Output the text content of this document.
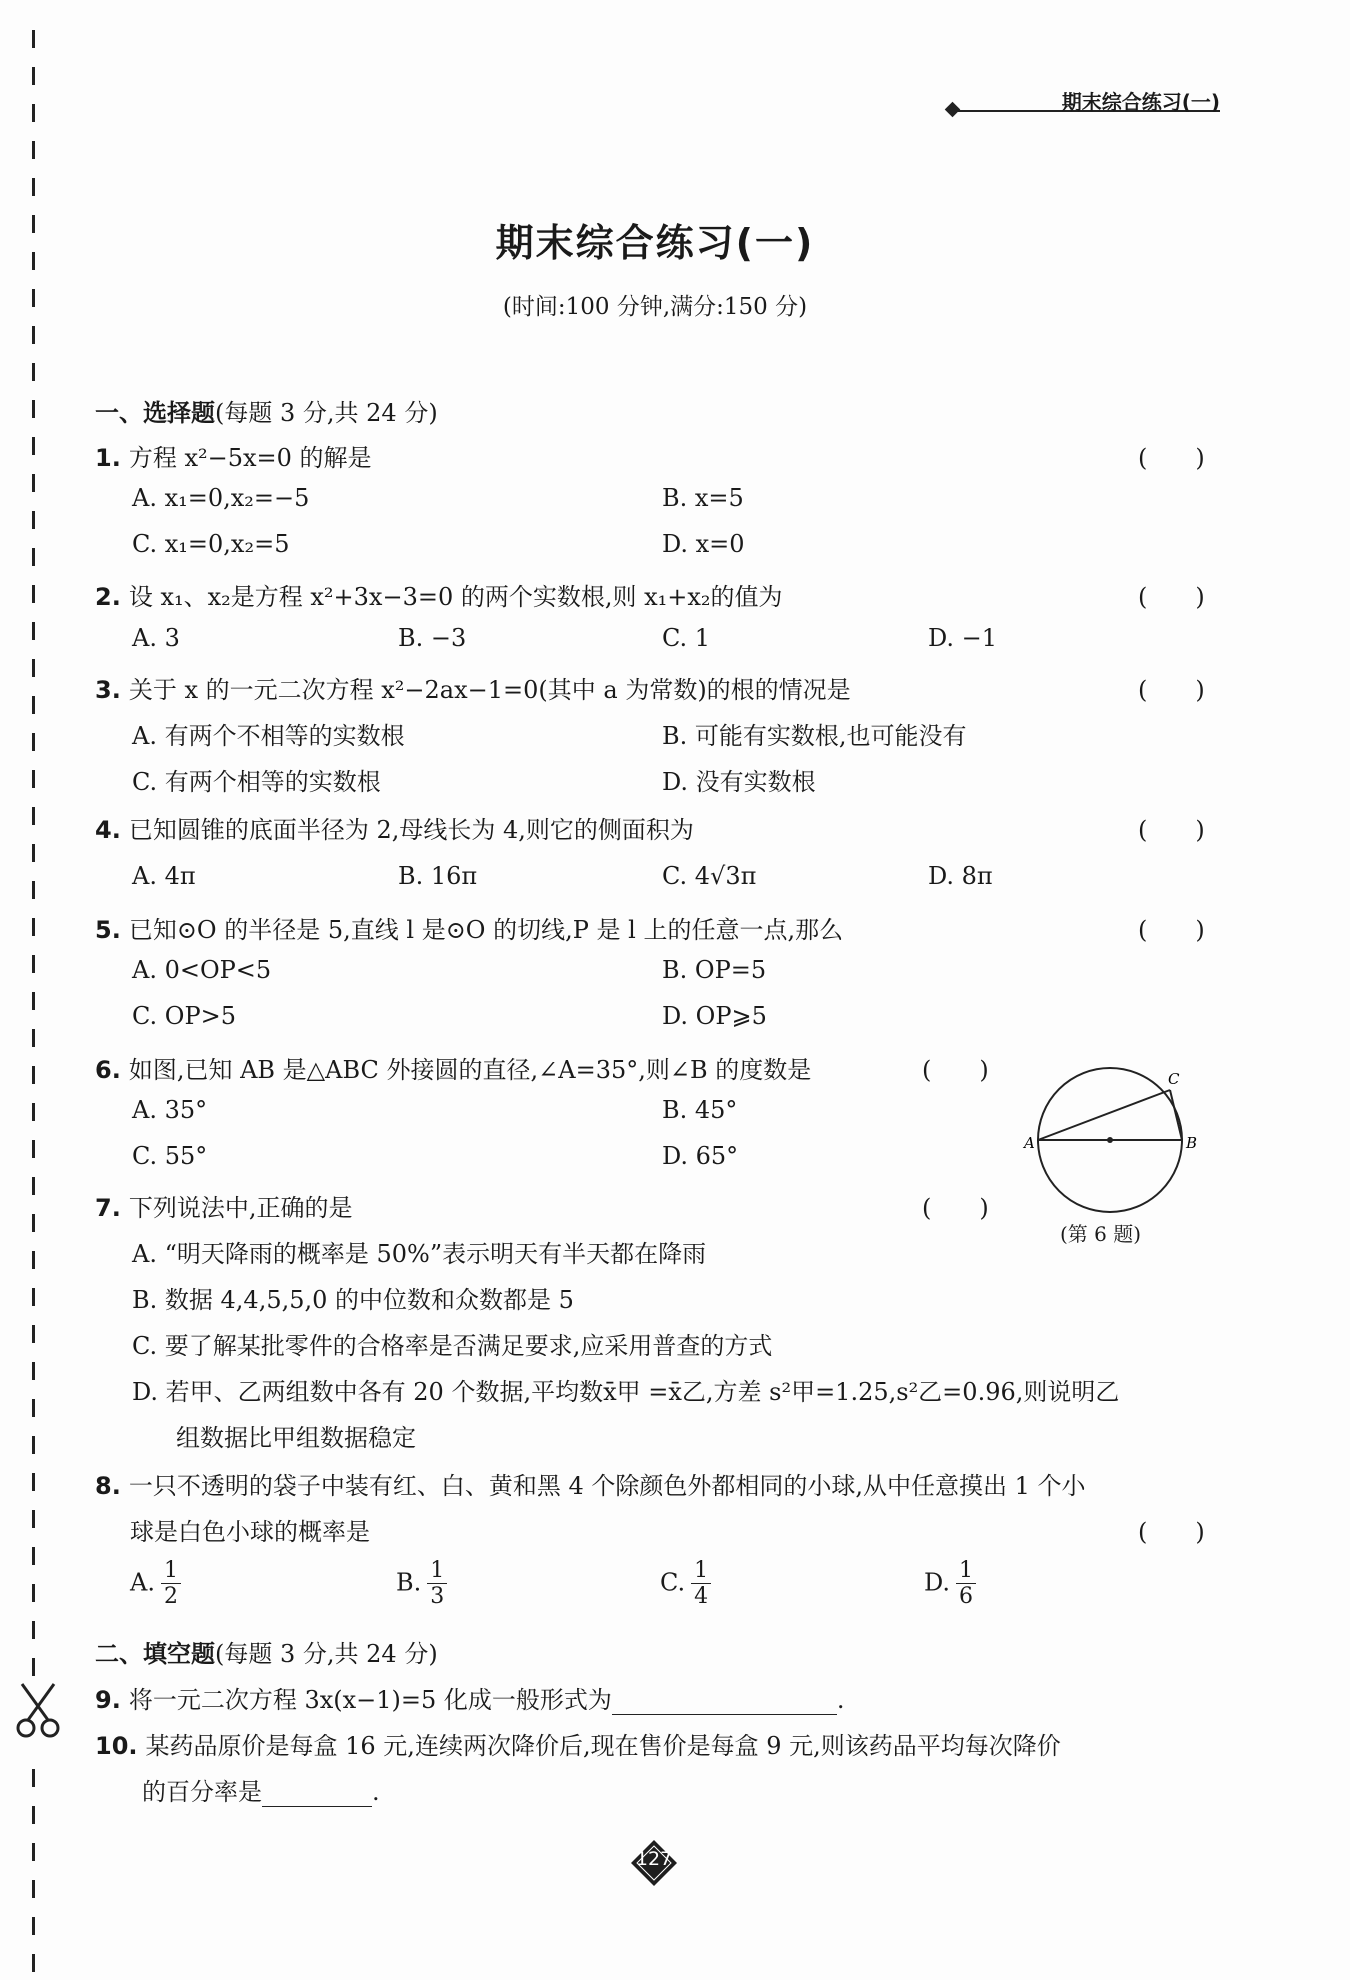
期末综合练习(一)
期末综合练习(一)
(时间:100 分钟,满分:150 分)
一、选择题(每题 3 分,共 24 分)
1. 方程 x²−5x=0 的解是	(　　)
A. x₁=0,x₂=−5	B. x=5
C. x₁=0,x₂=5	D. x=0
2. 设 x₁、x₂是方程 x²+3x−3=0 的两个实数根,则 x₁+x₂的值为	(　　)
A. 3	B. −3	C. 1	D. −1
3. 关于 x 的一元二次方程 x²−2ax−1=0(其中 a 为常数)的根的情况是	(　　)
A. 有两个不相等的实数根	B. 可能有实数根,也可能没有
C. 有两个相等的实数根	D. 没有实数根
4. 已知圆锥的底面半径为 2,母线长为 4,则它的侧面积为	(　　)
A. 4π	B. 16π	C. 4√3π	D. 8π
5. 已知⊙O 的半径是 5,直线 l 是⊙O 的切线,P 是 l 上的任意一点,那么	(　　)
A. 0<OP<5	B. OP=5
C. OP>5	D. OP⩾5
6. 如图,已知 AB 是△ABC 外接圆的直径,∠A=35°,则∠B 的度数是	(　　)
A. 35°	B. 45°
C. 55°	D. 65°	A	B
C
(第 6 题)
7. 下列说法中,正确的是	(　　)
A. “明天降雨的概率是 50%”表示明天有半天都在降雨
B. 数据 4,4,5,5,0 的中位数和众数都是 5
C. 要了解某批零件的合格率是否满足要求,应采用普查的方式
D. 若甲、乙两组数中各有 20 个数据,平均数x̄甲 =x̄乙,方差 s²甲=1.25,s²乙=0.96,则说明乙
组数据比甲组数据稳定
8. 一只不透明的袋子中装有红、白、黄和黑 4 个除颜色外都相同的小球,从中任意摸出 1 个小
球是白色小球的概率是	(　　)
A. $\frac{1}{2}$	B. $\frac{1}{3}$	C. $\frac{1}{4}$	D. $\frac{1}{6}$
二、填空题(每题 3 分,共 24 分)
9. 将一元二次方程 3x(x−1)=5 化成一般形式为	.
10. 某药品原价是每盒 16 元,连续两次降价后,现在售价是每盒 9 元,则该药品平均每次降价
的百分率是	.
127
